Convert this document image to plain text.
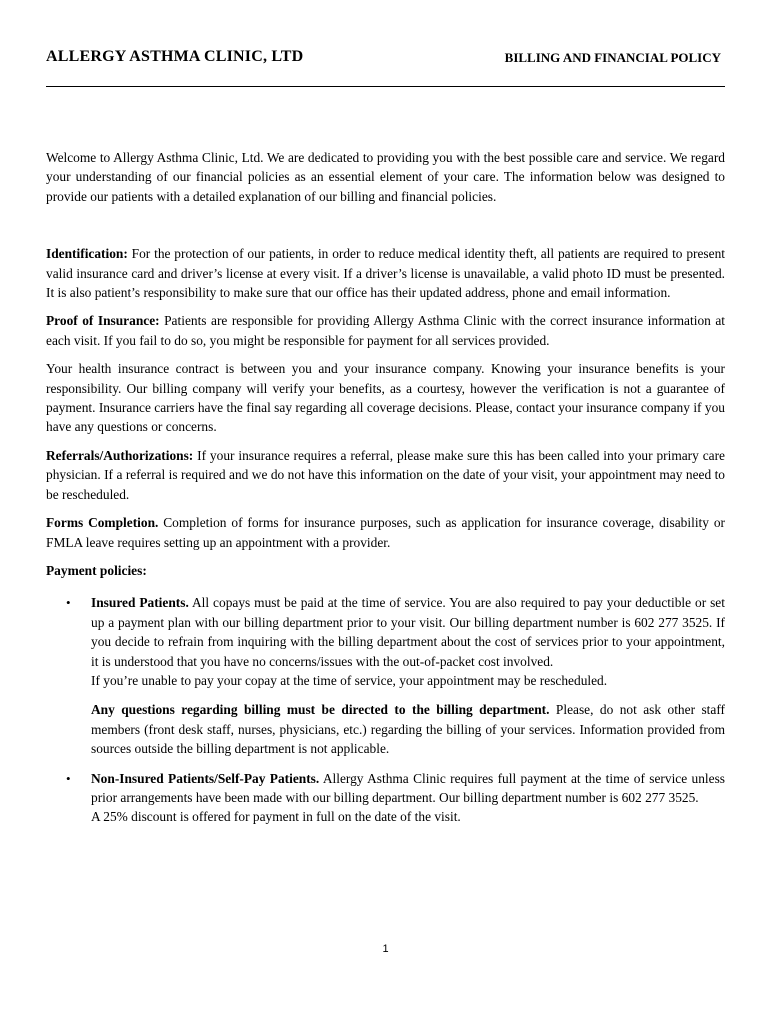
ALLERGY ASTHMA CLINIC, LTD	BILLING AND FINANCIAL POLICY

Welcome to Allergy Asthma Clinic, Ltd. We are dedicated to providing you with the best possible care and service. We regard your understanding of our financial policies as an essential element of your care. The information below was designed to provide our patients with a detailed explanation of our billing and financial policies.

Identification: For the protection of our patients, in order to reduce medical identity theft, all patients are required to present valid insurance card and driver’s license at every visit. If a driver’s license is unavailable, a valid photo ID must be presented. It is also patient’s responsibility to make sure that our office has their updated address, phone and email information.

Proof of Insurance: Patients are responsible for providing Allergy Asthma Clinic with the correct insurance information at each visit. If you fail to do so, you might be responsible for payment for all services provided.

Your health insurance contract is between you and your insurance company. Knowing your insurance benefits is your responsibility. Our billing company will verify your benefits, as a courtesy, however the verification is not a guarantee of payment. Insurance carriers have the final say regarding all coverage decisions. Please, contact your insurance company if you have any questions or concerns.

Referrals/Authorizations: If your insurance requires a referral, please make sure this has been called into your primary care physician. If a referral is required and we do not have this information on the date of your visit, your appointment may need to be rescheduled.

Forms Completion. Completion of forms for insurance purposes, such as application for insurance coverage, disability or FMLA leave requires setting up an appointment with a provider.

Payment policies:

• Insured Patients. All copays must be paid at the time of service. You are also required to pay your deductible or set up a payment plan with our billing department prior to your visit. Our billing department number is 602 277 3525. If you decide to refrain from inquiring with the billing department about the cost of services prior to your appointment, it is understood that you have no concerns/issues with the out-of-packet cost involved.

If you’re unable to pay your copay at the time of service, your appointment may be rescheduled.

Any questions regarding billing must be directed to the billing department. Please, do not ask other staff members (front desk staff, nurses, physicians, etc.) regarding the billing of your services. Information provided from sources outside the billing department is not applicable.

• Non-Insured Patients/Self-Pay Patients. Allergy Asthma Clinic requires full payment at the time of service unless prior arrangements have been made with our billing department. Our billing department number is 602 277 3525.

A 25% discount is offered for payment in full on the date of the visit.

1
